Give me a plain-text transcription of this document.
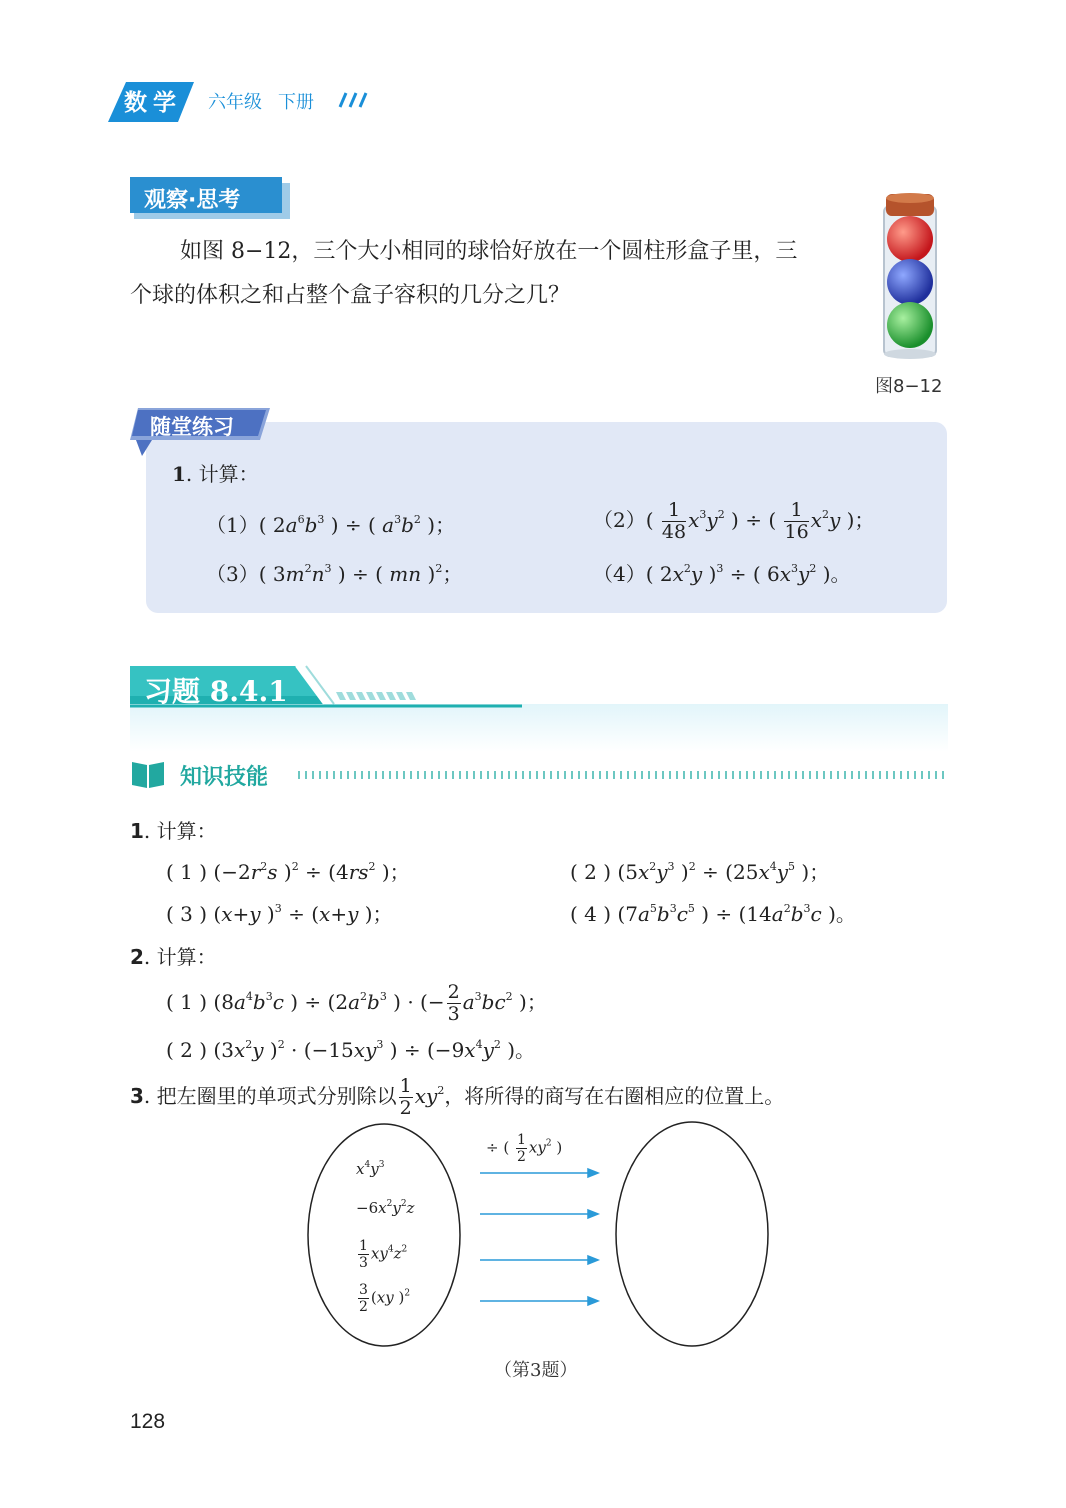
数学 六年级 下册
观察·思考
如图 8−12，三个大小相同的球恰好放在一个圆柱形盒子里，三
个球的体积之和占整个盒子容积的几分之几？
图8−12
随堂练习
1. 计算：
（1）( $2a^6b^3$ ) ÷ ( $a^3b^2$ )；	$(2)( \frac{1}{48} x^3y^2$ ) ÷ ( $\frac{1}{16} x^2y$ )；
（3）( $3m^2n^3$ ) ÷ ( mn )$^2$；	（4）( $2x^2y$ )$^3$ ÷ ( $6x^3y^2$ )。
习题 8.4.1
知识技能
1. 计算：
( 1 ) ($-2r^2s$ )$^2 \div (4rs^2$ )；	( 2 ) ($5x^2y^3$ )$^2 \div (25x^4y^5$ )；
( 3 ) (x+y )$^3$ ÷ (x+y )；	( 4 ) ($7a^5b^3c^5$ ) ÷ ($14a^2b^3c$ )。
2. 计算：
( 1 ) ($8a^4b^3c$ ) ÷ ($2a^2b^3$ ) · (− $\frac{2}{3} a^3bc^2$ )；
( 2 ) ($3x^2y$ )$^2 \cdot (-15xy^3$ ) ÷ ($-9x^4y^2$ )。
3. 把左圈里的单项式分别除以 $\frac{1}{2} xy^2$，将所得的商写在右圈相应的位置上。
÷ ( $\frac{1}{2} xy^2$ )
$x^4y^3$
$-6x^2y^2z$
$\frac{1}{3} xy^4z^2$
$\frac{3}{2} (xy$ )$^2$
（第3题）
128
